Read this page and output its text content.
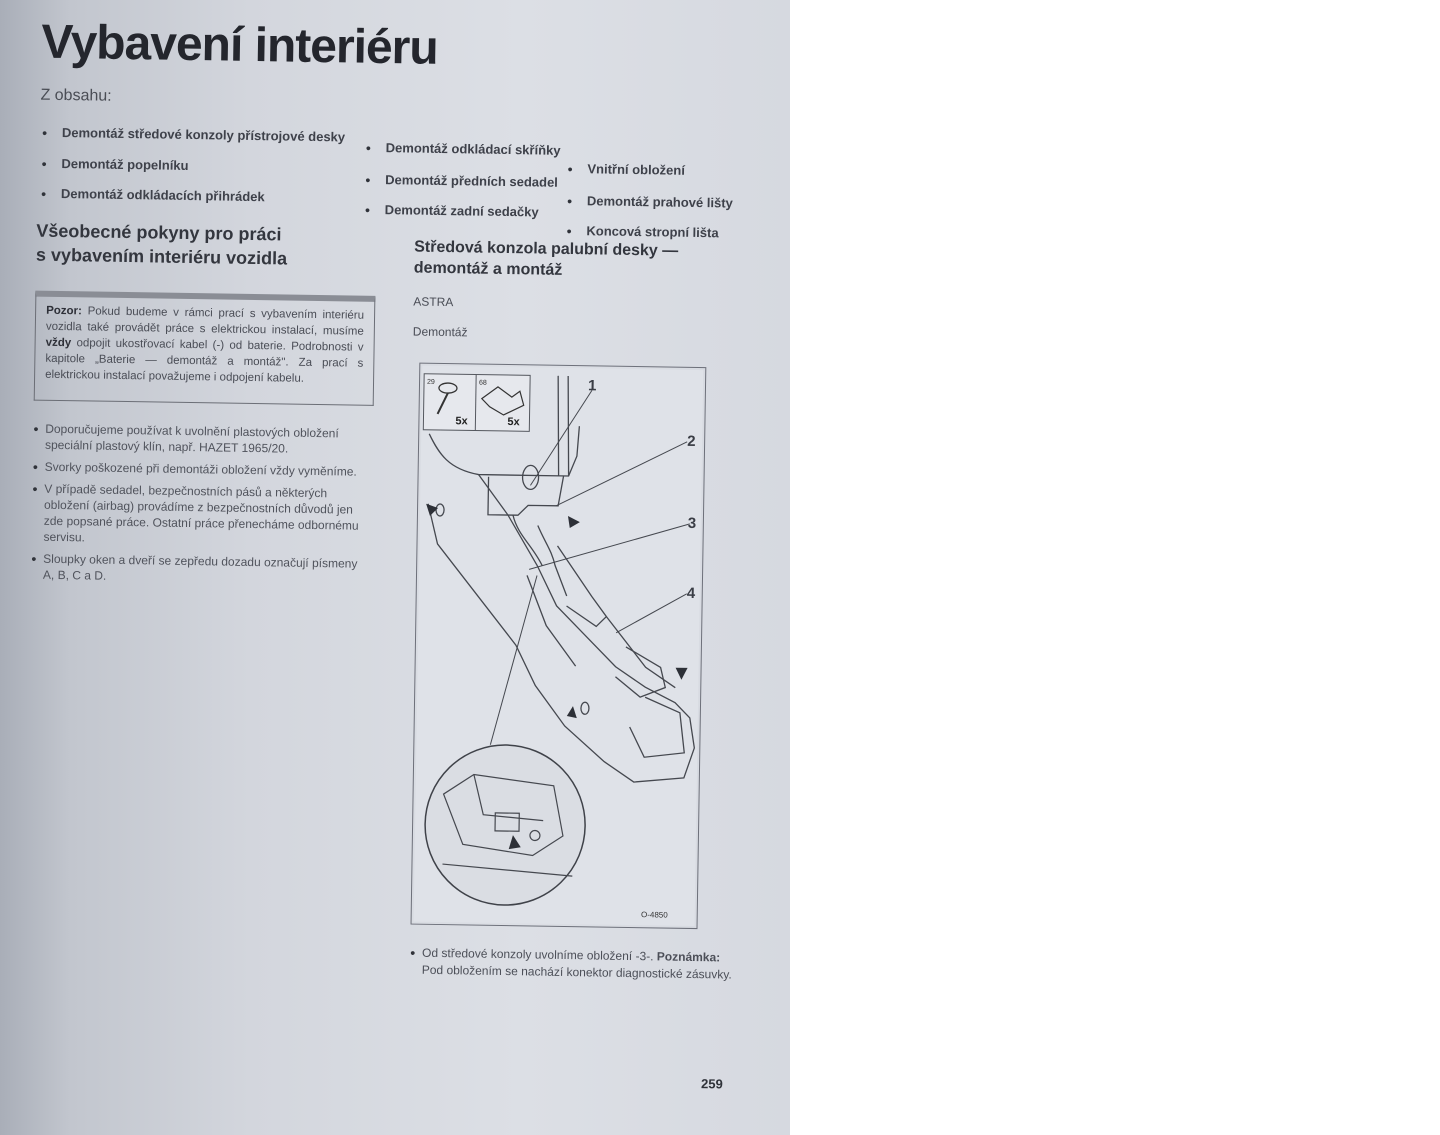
Vybavení interiéru
Z obsahu:
● Demontáž středové konzoly přístrojové desky
● Demontáž popelníku
● Demontáž odkládacích přihrádek
● Demontáž odkládací skříňky
● Demontáž předních sedadel
● Demontáž zadní sedačky
● Vnitřní obložení
● Demontáž prahové lišty
● Koncová stropní lišta
Všeobecné pokyny pro práci
s vybavením interiéru vozidla

Pozor: Pokud budeme v rámci prací s vybavením interiéru vozidla také provádět práce s elektrickou instalací, musíme vždy odpojit ukostřovací kabel (-) od baterie. Podrobnosti v kapitole „Baterie — demontáž a montáž". Za prací s elektrickou instalací považujeme i odpojení kabelu.

● Doporučujeme používat k uvolnění plastových obložení speciální plastový klín, např. HAZET 1965/20.
● Svorky poškozené při demontáži obložení vždy vyměníme.
● V případě sedadel, bezpečnostních pásů a některých obložení (airbag) provádíme z bezpečnostních důvodů jen zde popsané práce. Ostatní práce přenecháme odbornému servisu.
● Sloupky oken a dveří se zepředu dozadu označují písmeny A, B, C a D.
Středová konzola palubní desky —
demontáž a montáž
ASTRA
Demontáž
29	68
5x	5x
1
2
3
4
O-4850
● Od středové konzoly uvolníme obložení -3-. Poznámka: Pod obložením se nachází konektor diagnostické zásuvky.
259
